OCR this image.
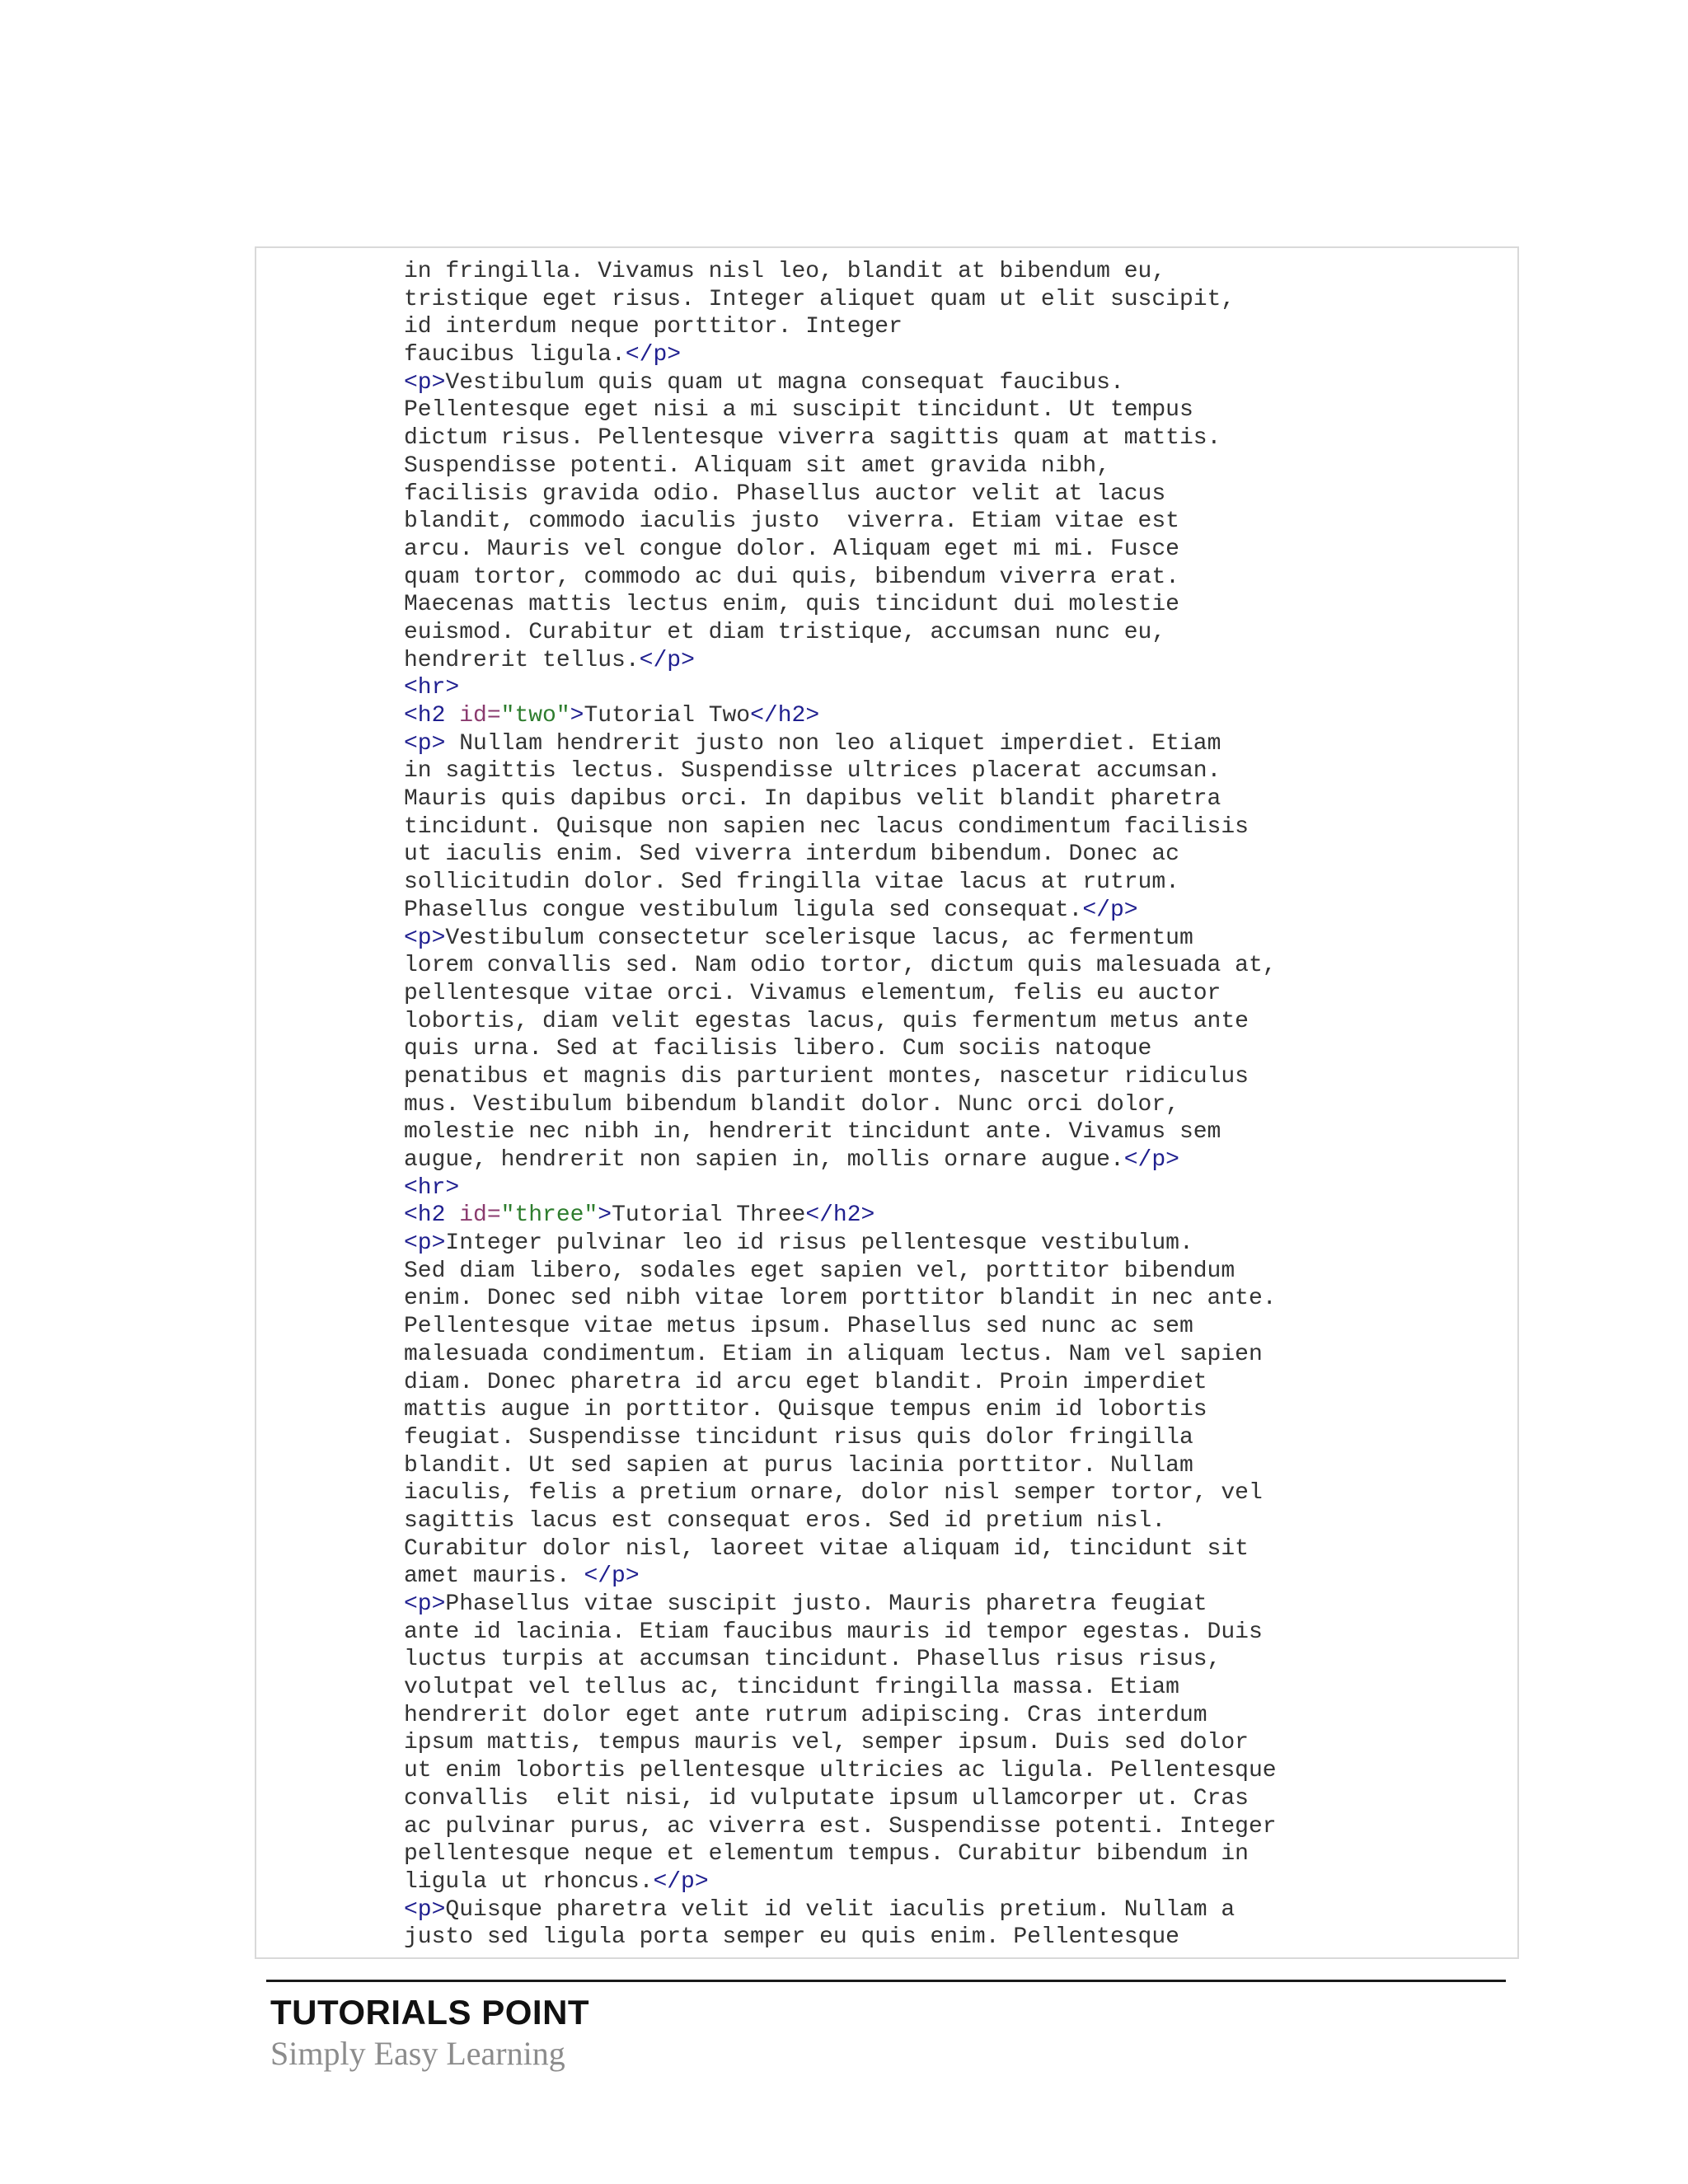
in fringilla. Vivamus nisl leo, blandit at bibendum eu,
tristique eget risus. Integer aliquet quam ut elit suscipit,
id interdum neque porttitor. Integer
faucibus ligula.</p>
<p>Vestibulum quis quam ut magna consequat faucibus.
Pellentesque eget nisi a mi suscipit tincidunt. Ut tempus
dictum risus. Pellentesque viverra sagittis quam at mattis.
Suspendisse potenti. Aliquam sit amet gravida nibh,
facilisis gravida odio. Phasellus auctor velit at lacus
blandit, commodo iaculis justo  viverra. Etiam vitae est
arcu. Mauris vel congue dolor. Aliquam eget mi mi. Fusce
quam tortor, commodo ac dui quis, bibendum viverra erat.
Maecenas mattis lectus enim, quis tincidunt dui molestie
euismod. Curabitur et diam tristique, accumsan nunc eu,
hendrerit tellus.</p>
<hr>
<h2 id="two">Tutorial Two</h2>
<p> Nullam hendrerit justo non leo aliquet imperdiet. Etiam
in sagittis lectus. Suspendisse ultrices placerat accumsan.
Mauris quis dapibus orci. In dapibus velit blandit pharetra
tincidunt. Quisque non sapien nec lacus condimentum facilisis
ut iaculis enim. Sed viverra interdum bibendum. Donec ac
sollicitudin dolor. Sed fringilla vitae lacus at rutrum.
Phasellus congue vestibulum ligula sed consequat.</p>
<p>Vestibulum consectetur scelerisque lacus, ac fermentum
lorem convallis sed. Nam odio tortor, dictum quis malesuada at,
pellentesque vitae orci. Vivamus elementum, felis eu auctor
lobortis, diam velit egestas lacus, quis fermentum metus ante
quis urna. Sed at facilisis libero. Cum sociis natoque
penatibus et magnis dis parturient montes, nascetur ridiculus
mus. Vestibulum bibendum blandit dolor. Nunc orci dolor,
molestie nec nibh in, hendrerit tincidunt ante. Vivamus sem
augue, hendrerit non sapien in, mollis ornare augue.</p>
<hr>
<h2 id="three">Tutorial Three</h2>
<p>Integer pulvinar leo id risus pellentesque vestibulum.
Sed diam libero, sodales eget sapien vel, porttitor bibendum
enim. Donec sed nibh vitae lorem porttitor blandit in nec ante.
Pellentesque vitae metus ipsum. Phasellus sed nunc ac sem
malesuada condimentum. Etiam in aliquam lectus. Nam vel sapien
diam. Donec pharetra id arcu eget blandit. Proin imperdiet
mattis augue in porttitor. Quisque tempus enim id lobortis
feugiat. Suspendisse tincidunt risus quis dolor fringilla
blandit. Ut sed sapien at purus lacinia porttitor. Nullam
iaculis, felis a pretium ornare, dolor nisl semper tortor, vel
sagittis lacus est consequat eros. Sed id pretium nisl.
Curabitur dolor nisl, laoreet vitae aliquam id, tincidunt sit
amet mauris. </p>
<p>Phasellus vitae suscipit justo. Mauris pharetra feugiat
ante id lacinia. Etiam faucibus mauris id tempor egestas. Duis
luctus turpis at accumsan tincidunt. Phasellus risus risus,
volutpat vel tellus ac, tincidunt fringilla massa. Etiam
hendrerit dolor eget ante rutrum adipiscing. Cras interdum
ipsum mattis, tempus mauris vel, semper ipsum. Duis sed dolor
ut enim lobortis pellentesque ultricies ac ligula. Pellentesque
convallis  elit nisi, id vulputate ipsum ullamcorper ut. Cras
ac pulvinar purus, ac viverra est. Suspendisse potenti. Integer
pellentesque neque et elementum tempus. Curabitur bibendum in
ligula ut rhoncus.</p>
<p>Quisque pharetra velit id velit iaculis pretium. Nullam a
justo sed ligula porta semper eu quis enim. Pellentesque
TUTORIALS POINT
Simply Easy Learning
